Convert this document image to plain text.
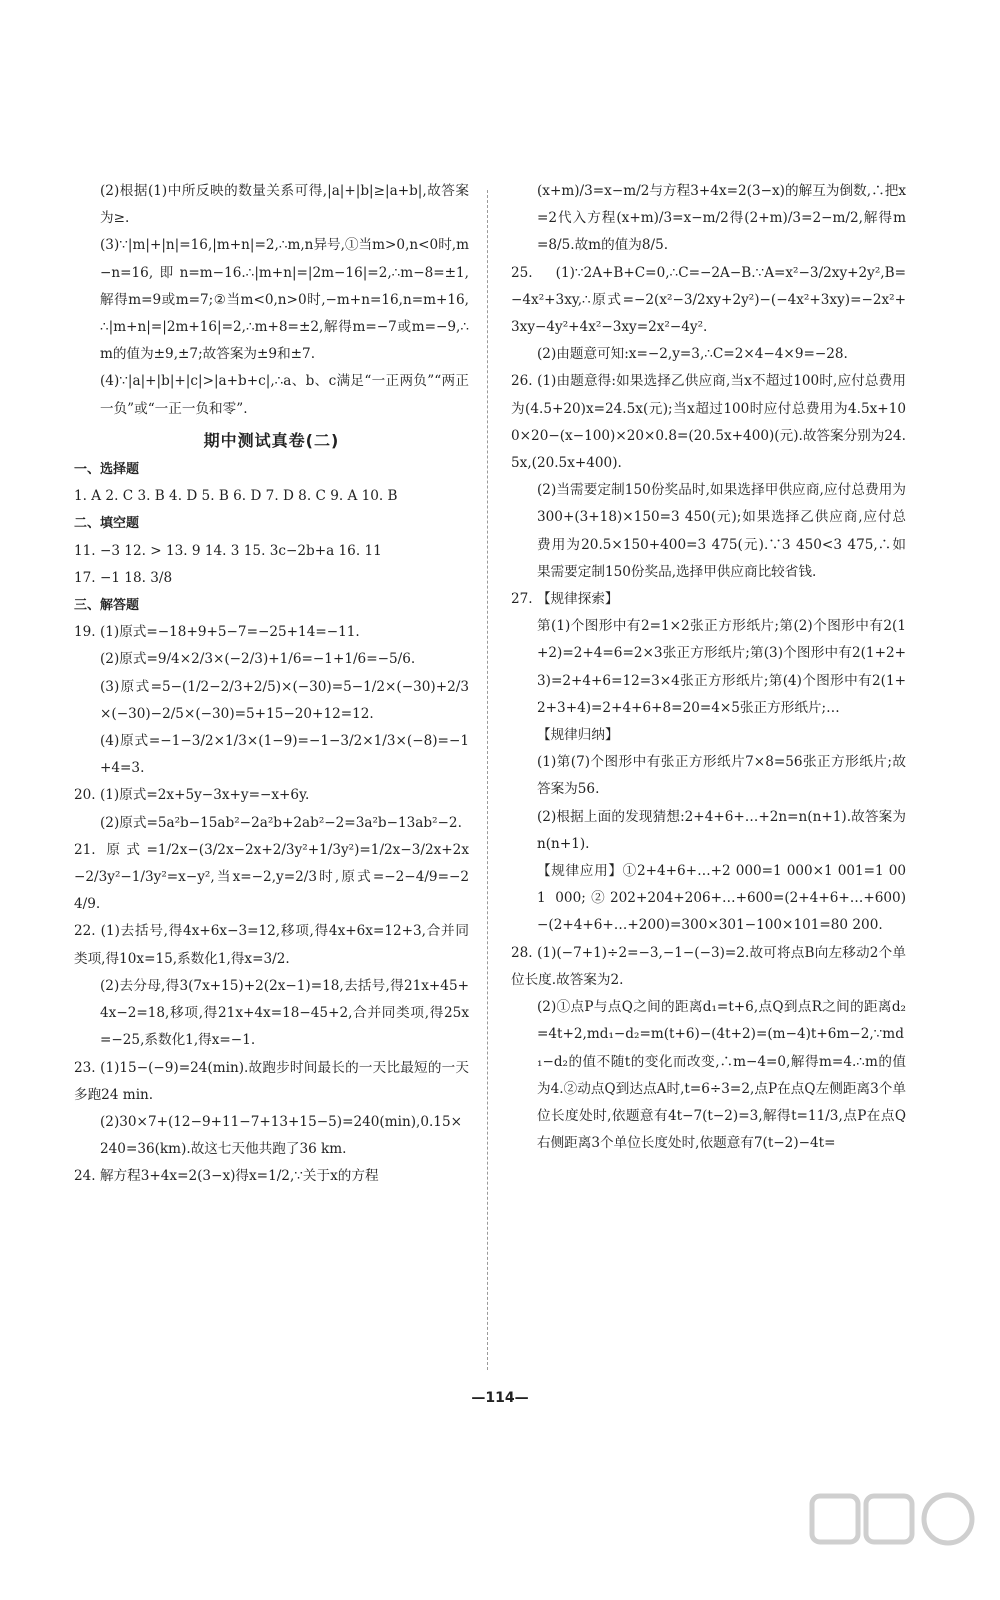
(2)根据(1)中所反映的数量关系可得,|a|+|b|≥|a+b|,故答案为≥.

(3)∵|m|+|n|=16,|m+n|=2,∴m,n异号,①当m>0,n<0时,m−n=16,即n=m−16.∴|m+n|=|2m−16|=2,∴m−8=±1,解得m=9或m=7;②当m<0,n>0时,−m+n=16,n=m+16,∴|m+n|=|2m+16|=2,∴m+8=±2,解得m=−7或m=−9,∴m的值为±9,±7;故答案为±9和±7.

(4)∵|a|+|b|+|c|>|a+b+c|,∴a、b、c满足“一正两负”“两正一负”或“一正一负和零”.

期中测试真卷(二)

一、选择题

1. A 2. C 3. B 4. D 5. B 6. D 7. D 8. C 9. A 10. B

二、填空题

11. −3 12. > 13. 9 14. 3 15. 3c−2b+a 16. 11

17. −1 18. 3/8

三、解答题

19. (1)原式=−18+9+5−7=−25+14=−11.

(2)原式=9/4×2/3×(−2/3)+1/6=−1+1/6=−5/6.

(3)原式=5−(1/2−2/3+2/5)×(−30)=5−1/2×(−30)+2/3×(−30)−2/5×(−30)=5+15−20+12=12.

(4)原式=−1−3/2×1/3×(1−9)=−1−3/2×1/3×(−8)=−1+4=3.

20. (1)原式=2x+5y−3x+y=−x+6y.

(2)原式=5a²b−15ab²−2a²b+2ab²−2=3a²b−13ab²−2.

21. 原式=1/2x−(3/2x−2x+2/3y²+1/3y²)=1/2x−3/2x+2x−2/3y²−1/3y²=x−y²,当x=−2,y=2/3时,原式=−2−4/9=−2 4/9.

22. (1)去括号,得4x+6x−3=12,移项,得4x+6x=12+3,合并同类项,得10x=15,系数化1,得x=3/2.

(2)去分母,得3(7x+15)+2(2x−1)=18,去括号,得21x+45+4x−2=18,移项,得21x+4x=18−45+2,合并同类项,得25x=−25,系数化1,得x=−1.

23. (1)15−(−9)=24(min).故跑步时间最长的一天比最短的一天多跑24 min.

(2)30×7+(12−9+11−7+13+15−5)=240(min),0.15×240=36(km).故这七天他共跑了36 km.

24. 解方程3+4x=2(3−x)得x=1/2,∵关于x的方程

(x+m)/3=x−m/2与方程3+4x=2(3−x)的解互为倒数,∴把x=2代入方程(x+m)/3=x−m/2得(2+m)/3=2−m/2,解得m=8/5.故m的值为8/5.

25. (1)∵2A+B+C=0,∴C=−2A−B.∵A=x²−3/2xy+2y²,B=−4x²+3xy,∴原式=−2(x²−3/2xy+2y²)−(−4x²+3xy)=−2x²+3xy−4y²+4x²−3xy=2x²−4y².

(2)由题意可知:x=−2,y=3,∴C=2×4−4×9=−28.

26. (1)由题意得:如果选择乙供应商,当x不超过100时,应付总费用为(4.5+20)x=24.5x(元);当x超过100时应付总费用为4.5x+100×20−(x−100)×20×0.8=(20.5x+400)(元).故答案分别为24.5x,(20.5x+400).

(2)当需要定制150份奖品时,如果选择甲供应商,应付总费用为300+(3+18)×150=3 450(元);如果选择乙供应商,应付总费用为20.5×150+400=3 475(元).∵3 450<3 475,∴如果需要定制150份奖品,选择甲供应商比较省钱.

27. 【规律探索】

第(1)个图形中有2=1×2张正方形纸片;第(2)个图形中有2(1+2)=2+4=6=2×3张正方形纸片;第(3)个图形中有2(1+2+3)=2+4+6=12=3×4张正方形纸片;第(4)个图形中有2(1+2+3+4)=2+4+6+8=20=4×5张正方形纸片;…

【规律归纳】

(1)第(7)个图形中有张正方形纸片7×8=56张正方形纸片;故答案为56.

(2)根据上面的发现猜想:2+4+6+…+2n=n(n+1).故答案为n(n+1).

【规律应用】①2+4+6+…+2 000=1 000×1 001=1 001 000;②202+204+206+…+600=(2+4+6+…+600)−(2+4+6+…+200)=300×301−100×101=80 200.

28. (1)(−7+1)÷2=−3,−1−(−3)=2.故可将点B向左移动2个单位长度.故答案为2.

(2)①点P与点Q之间的距离d₁=t+6,点Q到点R之间的距离d₂=4t+2,md₁−d₂=m(t+6)−(4t+2)=(m−4)t+6m−2,∵md₁−d₂的值不随t的变化而改变,∴m−4=0,解得m=4.∴m的值为4.②动点Q到达点A时,t=6÷3=2,点P在点Q左侧距离3个单位长度处时,依题意有4t−7(t−2)=3,解得t=11/3,点P在点Q右侧距离3个单位长度处时,依题意有7(t−2)−4t=

—114—
